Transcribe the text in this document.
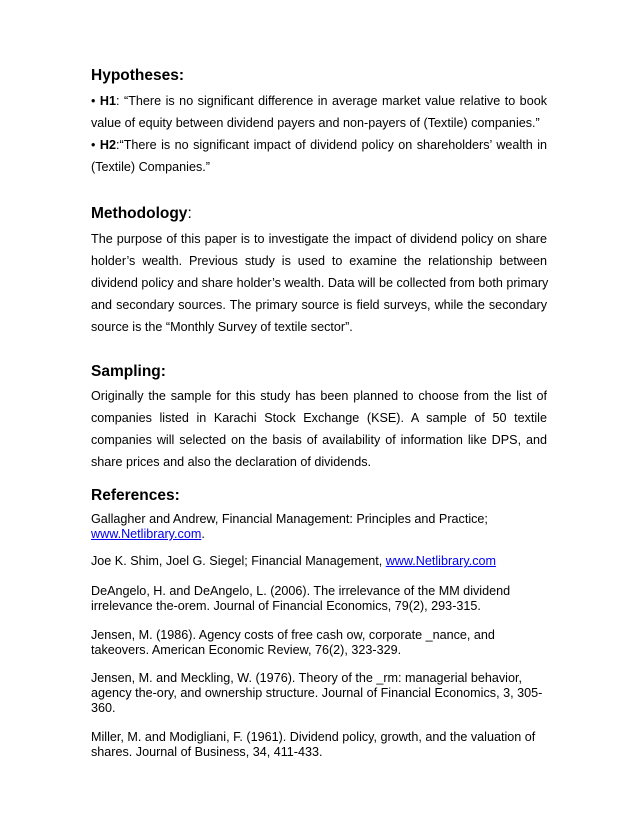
Hypotheses:
• H1: “There is no significant difference in average market value relative to book
value of equity between dividend payers and non-payers of (Textile) companies.”
• H2:“There is no significant impact of dividend policy on shareholders’ wealth in
(Textile) Companies.”
Methodology:
The purpose of this paper is to investigate the impact of dividend policy on share
holder’s wealth. Previous study is used to examine the relationship between
dividend policy and share holder’s wealth. Data will be collected from both primary
and secondary sources. The primary source is field surveys, while the secondary
source is the “Monthly Survey of textile sector”.
Sampling:
Originally the sample for this study has been planned to choose from the list of
companies listed in Karachi Stock Exchange (KSE). A sample of 50 textile
companies will selected on the basis of availability of information like DPS, and
share prices and also the declaration of dividends.
References:
Gallagher and Andrew, Financial Management: Principles and Practice;
www.Netlibrary.com.
Joe K. Shim, Joel G. Siegel; Financial Management, www.Netlibrary.com
DeAngelo, H. and DeAngelo, L. (2006). The irrelevance of the MM dividend
irrelevance the-orem. Journal of Financial Economics, 79(2), 293-315.
Jensen, M. (1986). Agency costs of free cash ow, corporate _nance, and
takeovers. American Economic Review, 76(2), 323-329.
Jensen, M. and Meckling, W. (1976). Theory of the _rm: managerial behavior,
agency the-ory, and ownership structure. Journal of Financial Economics, 3, 305-
360.
Miller, M. and Modigliani, F. (1961). Dividend policy, growth, and the valuation of
shares. Journal of Business, 34, 411-433.
